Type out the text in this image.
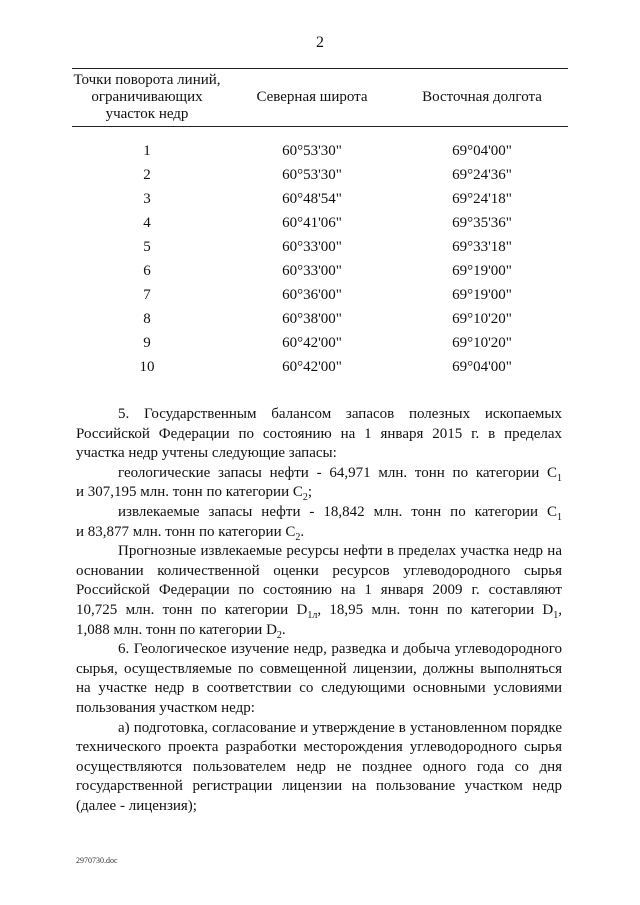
2
Точки поворота линий,
ограничивающих
участок недр
Северная широта	Восточная долгота
1	60°53'30"	69°04'00"
2	60°53'30"	69°24'36"
3	60°48'54"	69°24'18"
4	60°41'06"	69°35'36"
5	60°33'00"	69°33'18"
6	60°33'00"	69°19'00"
7	60°36'00"	69°19'00"
8	60°38'00"	69°10'20"
9	60°42'00"	69°10'20"
10	60°42'00"	69°04'00"

5. Государственным балансом запасов полезных ископаемых

Российской Федерации по состоянию на 1 января 2015 г. в пределах

участка недр учтены следующие запасы:

геологические запасы нефти - 64,971 млн. тонн по категории $C_1$

и 307,195 млн. тонн по категории $C_2$;

извлекаемые запасы нефти - 18,842 млн. тонн по категории $C_1$

и 83,877 млн. тонн по категории $C_2$.

Прогнозные извлекаемые ресурсы нефти в пределах участка недр на

основании количественной оценки ресурсов углеводородного сырья

Российской Федерации по состоянию на 1 января 2009 г. составляют

10,725 млн. тонн по категории $D_{1л}$, 18,95 млн. тонн по категории $D_1$,

1,088 млн. тонн по категории $D_2$.

6. Геологическое изучение недр, разведка и добыча углеводородного

сырья, осуществляемые по совмещенной лицензии, должны выполняться

на участке недр в соответствии со следующими основными условиями

пользования участком недр:

а) подготовка, согласование и утверждение в установленном порядке

технического проекта разработки месторождения углеводородного сырья

осуществляются пользователем недр не позднее одного года со дня

государственной регистрации лицензии на пользование участком недр

(далее - лицензия);

2970730.doc
